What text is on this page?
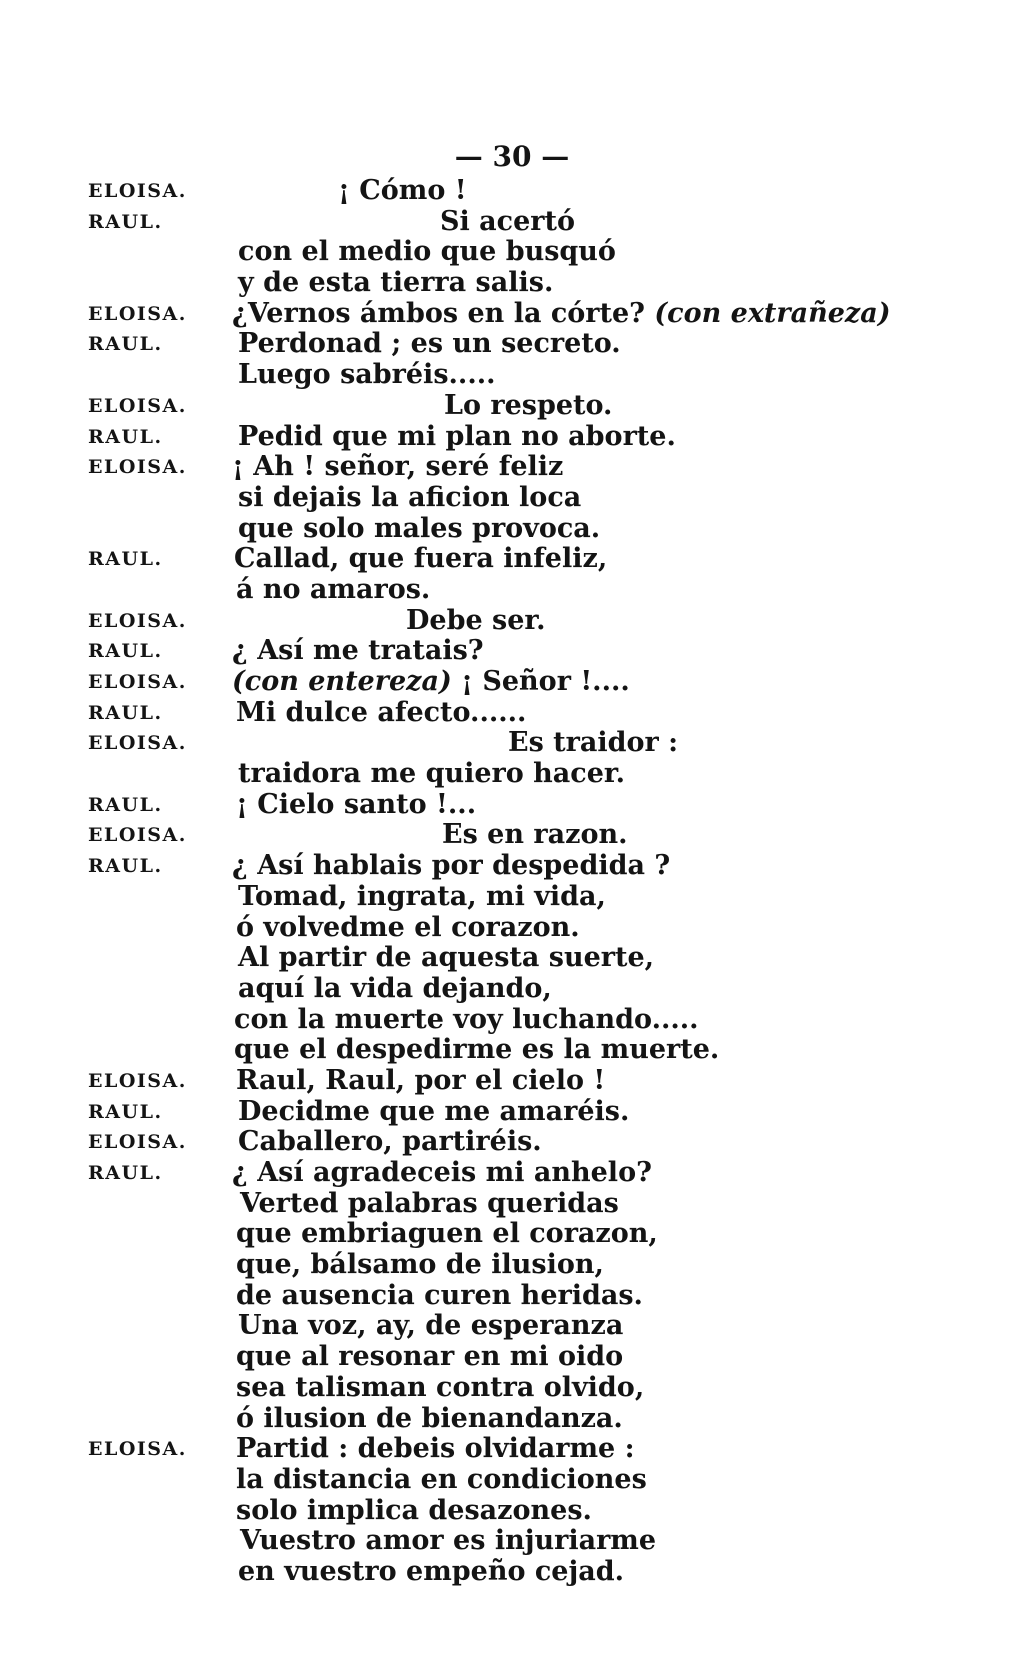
— 30 —
ELOISA.	¡ Cómo !
RAUL.	Si acertó
con el medio que busquó
y de esta tierra salis.
ELOISA. ¿Vernos ámbos en la córte? (con extrañeza)
RAUL.	Perdonad ; es un secreto.
Luego sabréis.....
ELOISA.	Lo respeto.
RAUL.	Pedid que mi plan no aborte.
ELOISA. ¡ Ah ! señor, seré feliz
si dejais la aficion loca
que solo males provoca.
RAUL.	Callad, que fuera infeliz,
á no amaros.
ELOISA.	Debe ser.
RAUL.	¿ Así me tratais?
ELOISA. (con entereza) ¡ Señor !....
RAUL.	Mi dulce afecto......
ELOISA.	Es traidor :
traidora me quiero hacer.
RAUL.	¡ Cielo santo !...
ELOISA.	Es en razon.
RAUL.	¿ Así hablais por despedida ?
Tomad, ingrata, mi vida,
ó volvedme el corazon.
Al partir de aquesta suerte,
aquí la vida dejando,
con la muerte voy luchando.....
que el despedirme es la muerte.
ELOISA. Raul, Raul, por el cielo !
RAUL.	Decidme que me amaréis.
ELOISA. Caballero, partiréis.
RAUL.	¿ Así agradeceis mi anhelo?
Verted palabras queridas
que embriaguen el corazon,
que, bálsamo de ilusion,
de ausencia curen heridas.
Una voz, ay, de esperanza
que al resonar en mi oido
sea talisman contra olvido,
ó ilusion de bienandanza.
ELOISA. Partid : debeis olvidarme :
la distancia en condiciones
solo implica desazones.
Vuestro amor es injuriarme
en vuestro empeño cejad.
